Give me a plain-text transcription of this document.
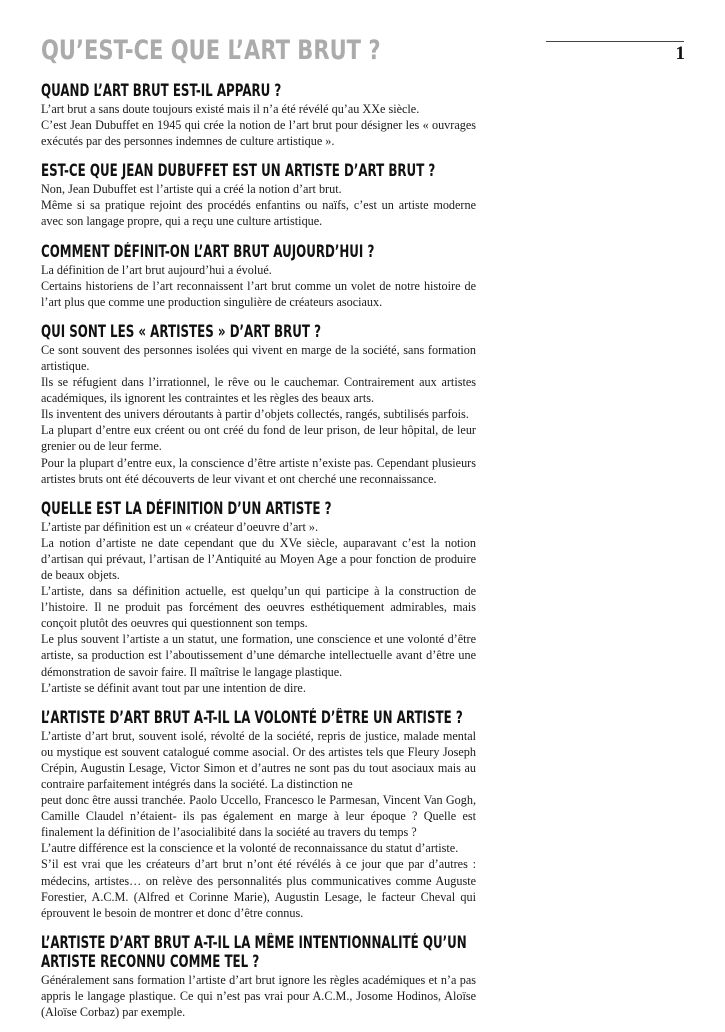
QU’EST-CE QUE L’ART BRUT ?	1
QUAND L’ART BRUT EST-IL APPARU ?

L’art brut a sans doute toujours existé mais il n’a été révélé qu’au XXe siècle.

C’est Jean Dubuffet en 1945 qui crée la notion de l’art brut pour désigner les « ouvrages exécutés par des personnes indemnes de culture artistique ».

EST-CE QUE JEAN DUBUFFET EST UN ARTISTE D’ART BRUT ?

Non, Jean Dubuffet est l’artiste qui a créé la notion d’art brut.

Même si sa pratique rejoint des procédés enfantins ou naïfs, c’est un artiste moderne avec son langage propre, qui a reçu une culture artistique.

COMMENT DÉFINIT-ON L’ART BRUT AUJOURD’HUI ?

La définition de l’art brut aujourd’hui a évolué.

Certains historiens de l’art reconnaissent l’art brut comme un volet de notre histoire de l’art plus que comme une production singulière de créateurs asociaux.

QUI SONT LES « ARTISTES » D’ART BRUT ?

Ce sont souvent des personnes isolées qui vivent en marge de la société, sans formation artistique.

Ils se réfugient dans l’irrationnel, le rêve ou le cauchemar. Contrairement aux artistes académiques, ils ignorent les contraintes et les règles des beaux arts.

Ils inventent des univers déroutants à partir d’objets collectés, rangés, subtilisés parfois.

La plupart d’entre eux créent ou ont créé du fond de leur prison, de leur hôpital, de leur grenier ou de leur ferme.

Pour la plupart d’entre eux, la conscience d’être artiste n’existe pas. Cependant plusieurs artistes bruts ont été découverts de leur vivant et ont cherché une reconnaissance.

QUELLE EST LA DÉFINITION D’UN ARTISTE ?

L’artiste par définition est un « créateur d’oeuvre d’art ».

La notion d’artiste ne date cependant que du XVe siècle, auparavant c’est la notion d’artisan qui prévaut, l’artisan de l’Antiquité au Moyen Age a pour fonction de produire de beaux objets.

L’artiste, dans sa définition actuelle, est quelqu’un qui participe à la construction de l’histoire. Il ne produit pas forcément des oeuvres esthétiquement admirables, mais conçoit plutôt des oeuvres qui questionnent son temps.

Le plus souvent l’artiste a un statut, une formation, une conscience et une volonté d’être artiste, sa production est l’aboutissement d’une démarche intellectuelle avant d’être une démonstration de savoir faire. Il maîtrise le langage plastique.

L’artiste se définit avant tout par une intention de dire.

L’ARTISTE D’ART BRUT A-T-IL LA VOLONTÉ D’ÊTRE UN ARTISTE ?

L’artiste d’art brut, souvent isolé, révolté de la société, repris de justice, malade mental ou mystique est souvent catalogué comme asocial. Or des artistes tels que Fleury Joseph Crépin, Augustin Lesage, Victor Simon et d’autres ne sont pas du tout asociaux mais au contraire parfaitement intégrés dans la société. La distinction ne

peut donc être aussi tranchée. Paolo Uccello, Francesco le Parmesan, Vincent Van Gogh, Camille Claudel n’étaient- ils pas également en marge à leur époque ? Quelle est finalement la définition de l’asocialibité dans la société au travers du temps ?

L’autre différence est la conscience et la volonté de reconnaissance du statut d’artiste.

S’il est vrai que les créateurs d’art brut n’ont été révélés à ce jour que par d’autres : médecins, artistes… on relève des personnalités plus communicatives comme Auguste Forestier, A.C.M. (Alfred et Corinne Marie), Augustin Lesage, le facteur Cheval qui éprouvent le besoin de montrer et donc d’être connus.

L’ARTISTE D’ART BRUT A-T-IL LA MÊME INTENTIONNALITÉ QU’UN ARTISTE RECONNU COMME TEL ?

Généralement sans formation l’artiste d’art brut ignore les règles académiques et n’a pas appris le langage plastique. Ce qui n’est pas vrai pour A.C.M., Josome Hodinos, Aloïse (Aloïse Corbaz) par exemple.
